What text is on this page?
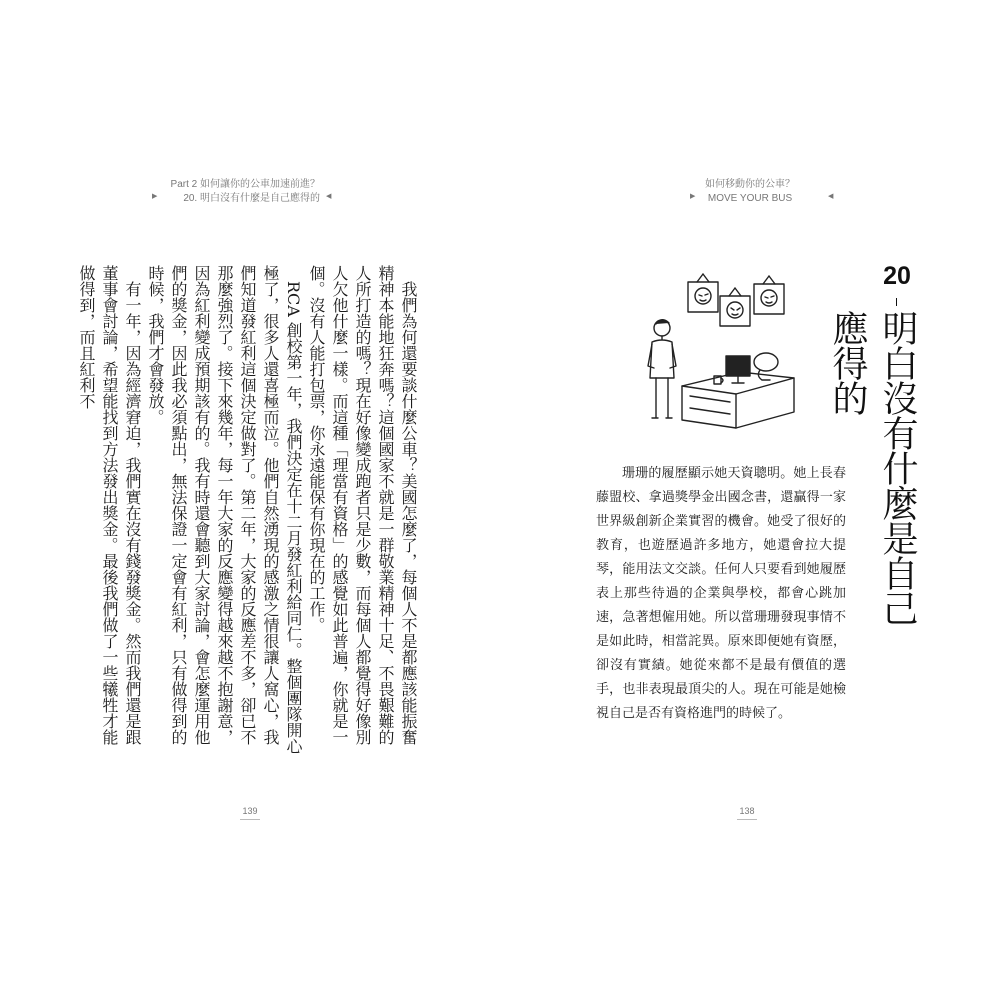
▶
Part 2 如何讓你的公車加速前進？
20. 明白沒有什麼是自己應得的 ◀

我們為何還要談什麼公車？美國怎麼了，每個人不是都應該能振奮精神本能地狂奔嗎？這個國家不就是一群敬業精神十足、不畏艱難的人所打造的嗎？現在好像變成跑者只是少數，而每個人都覺得好像別人欠他什麼一樣。而這種「理當有資格」的感覺如此普遍，你就是一個。沒有人能打包票，你永遠能保有你現在的工作。

RCA 創校第一年，我們決定在十二月發紅利給同仁。整個團隊開心極了，很多人還喜極而泣。他們自然湧現的感激之情很讓人窩心，我們知道發紅利這個決定做對了。第二年，大家的反應差不多，卻已不那麼強烈了。接下來幾年，每一年大家的反應變得越來越不抱謝意，因為紅利變成預期該有的。我有時還會聽到大家討論，會怎麼運用他們的獎金，因此我必須點出，無法保證一定會有紅利，只有做得到的時候，我們才會發放。

有一年，因為經濟窘迫，我們實在沒有錢發獎金。然而我們還是跟董事會討論，希望能找到方法發出獎金。最後我們做了一些犧牲才能做得到，而且紅利不

139
▶
如何移動你的公車？
MOVE YOUR BUS	◀
138
20
明白沒有什麼是自己應得的

珊珊的履歷顯示她天資聰明。她上長春藤盟校、拿過獎學金出國念書，還贏得一家世界級創新企業實習的機會。她受了很好的教育，也遊歷過許多地方，她還會拉大提琴，能用法文交談。任何人只要看到她履歷表上那些待過的企業與學校，都會心跳加速，急著想僱用她。所以當珊珊發現事情不是如此時，相當詫異。原來即便她有資歷，卻沒有實績。她從來都不是最有價值的選手，也非表現最頂尖的人。現在可能是她檢視自己是否有資格進門的時候了。
